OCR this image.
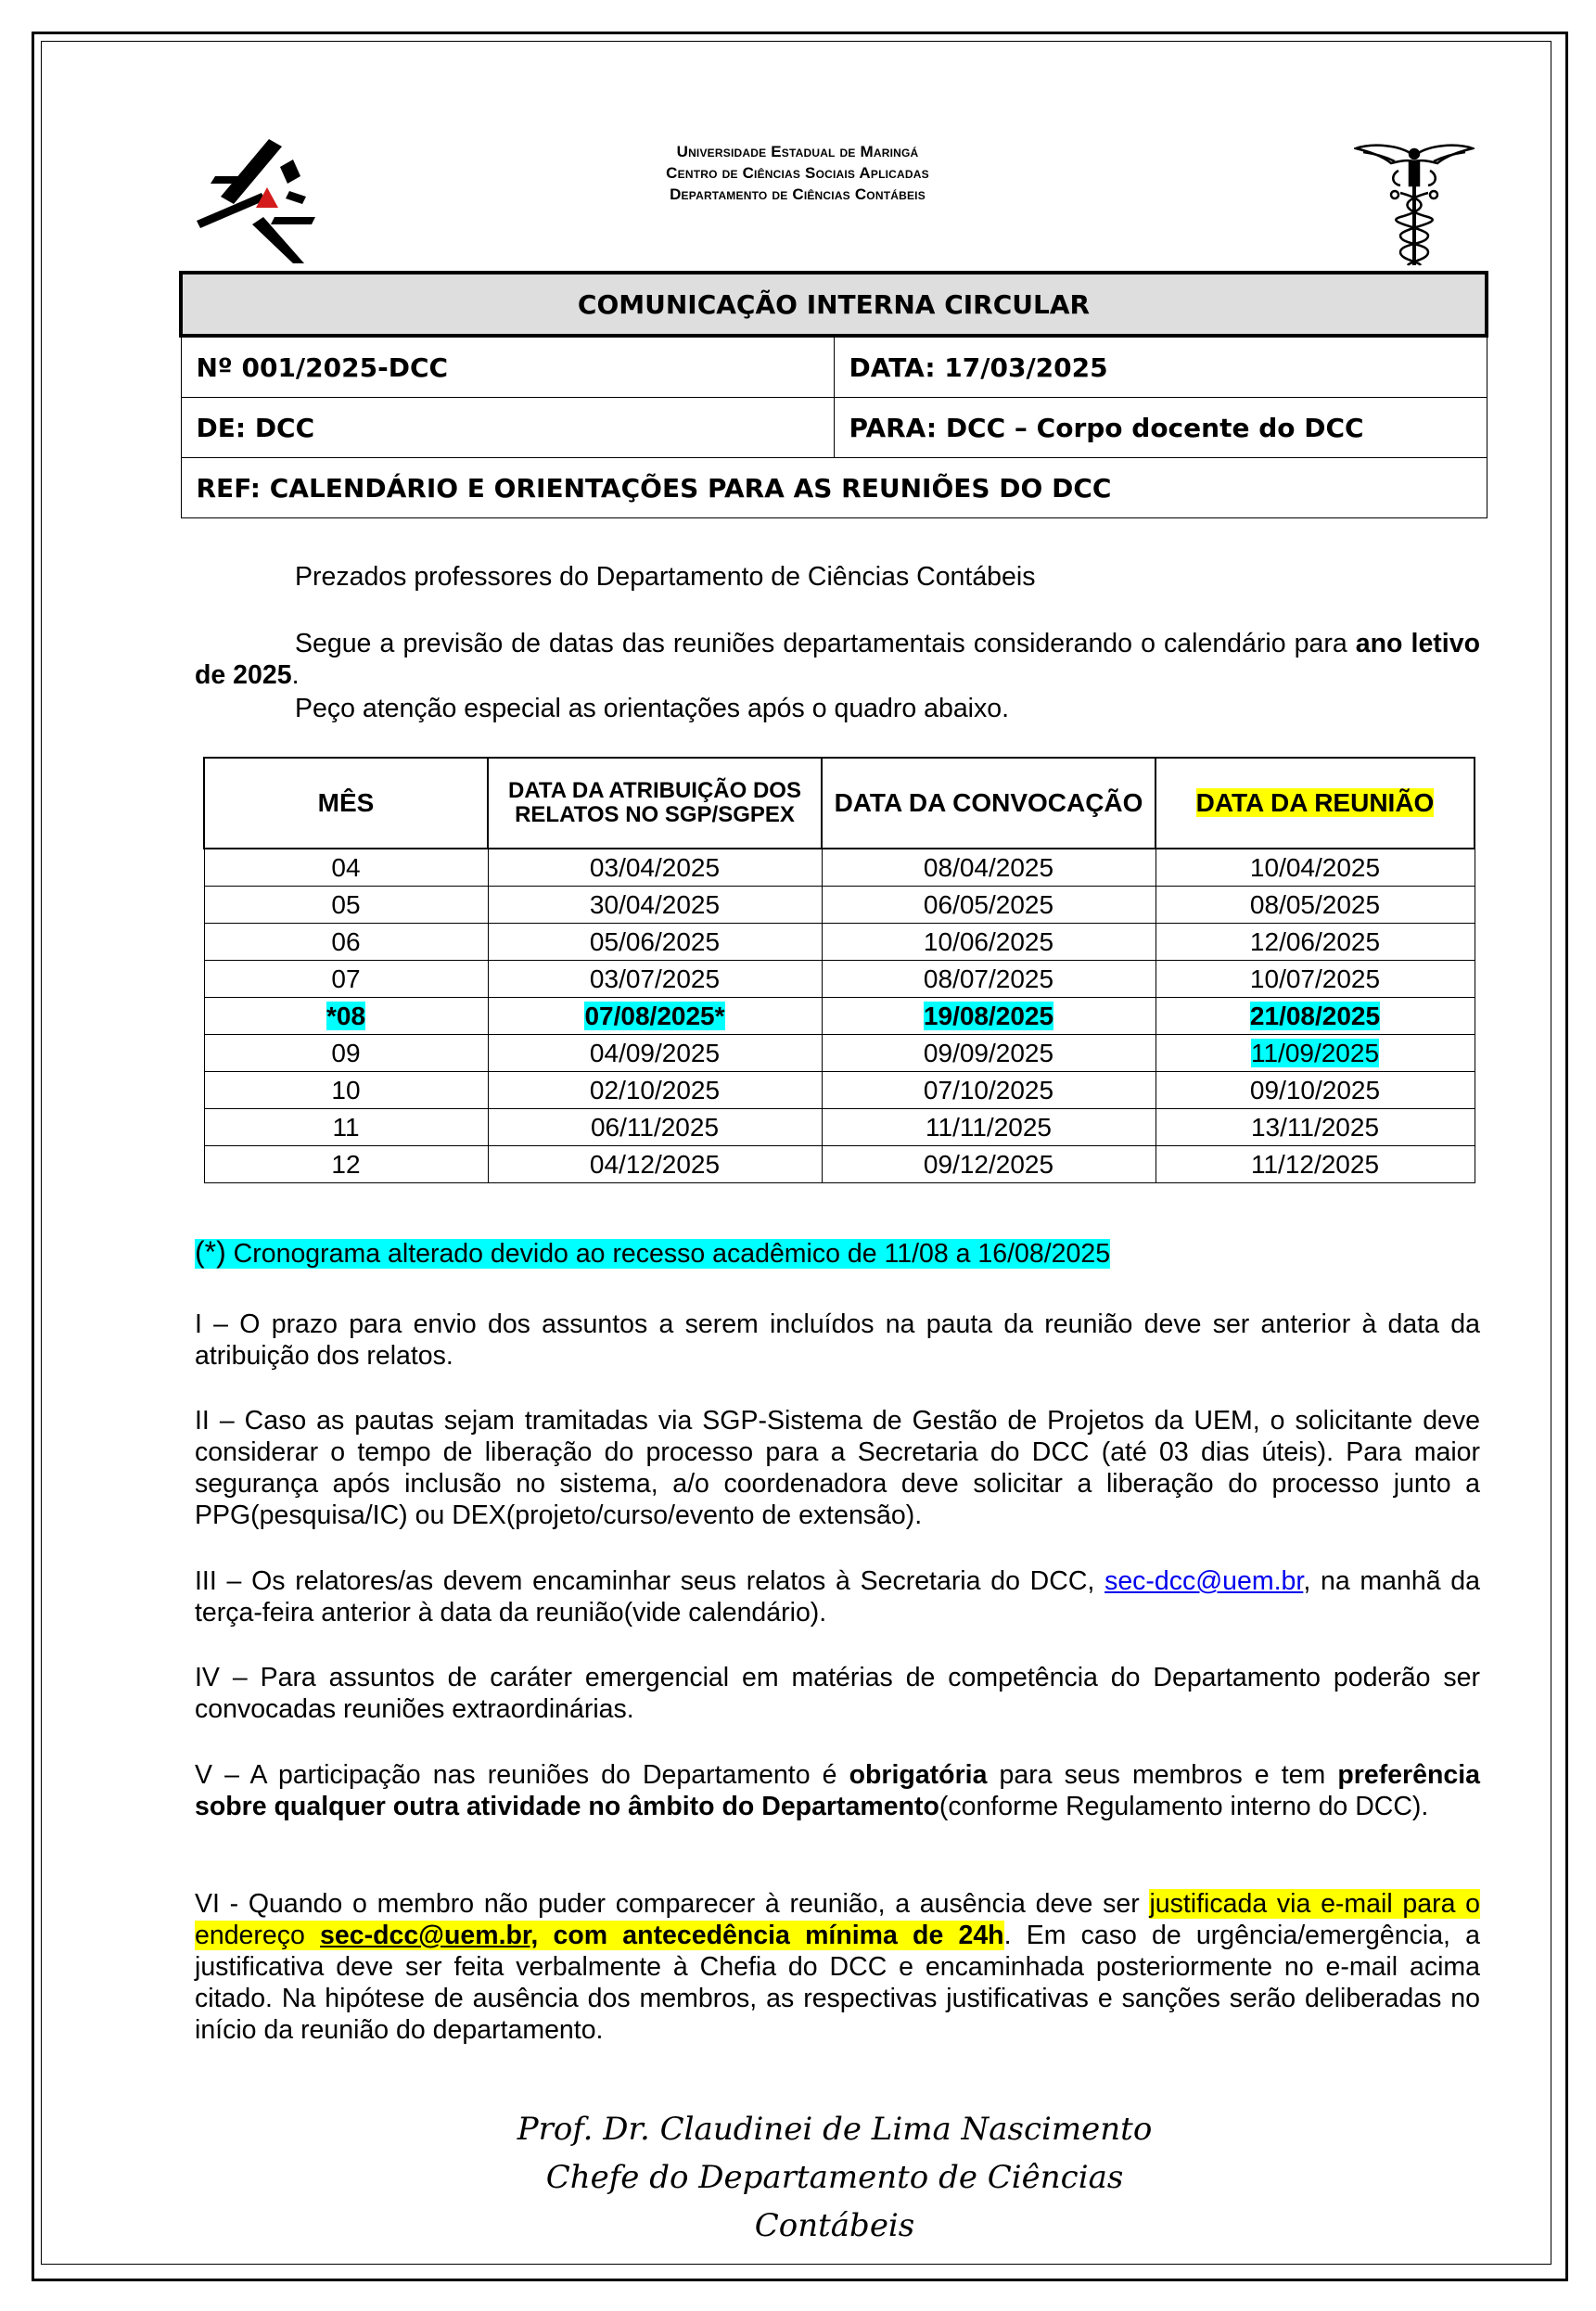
Universidade Estadual de Maringá
Centro de Ciências Sociais Aplicadas
Departamento de Ciências Contábeis
COMUNICAÇÃO INTERNA CIRCULAR	
Nº 001/2025-DCC	DATA: 17/03/2025
DE: DCC	PARA: DCC – Corpo docente do DCC
REF: CALENDÁRIO E ORIENTAÇÕES PARA AS REUNIÕES DO DCC	
Prezados professores do Departamento de Ciências Contábeis
Segue a previsão de datas das reuniões departamentais considerando o calendário para ano letivo de 2025.
Peço atenção especial as orientações após o quadro abaixo.
MÊS	DATA DA ATRIBUIÇÃO DOS RELATOS NO SGP/SGPEX	DATA DA CONVOCAÇÃO	DATA DA REUNIÃO
04	03/04/2025	08/04/2025	10/04/2025
05	30/04/2025	06/05/2025	08/05/2025
06	05/06/2025	10/06/2025	12/06/2025
07	03/07/2025	08/07/2025	10/07/2025
*08	07/08/2025*	19/08/2025	21/08/2025
09	04/09/2025	09/09/2025	11/09/2025
10	02/10/2025	07/10/2025	09/10/2025
11	06/11/2025	11/11/2025	13/11/2025
12	04/12/2025	09/12/2025	11/12/2025
(*) Cronograma alterado devido ao recesso acadêmico de 11/08 a 16/08/2025
I – O prazo para envio dos assuntos a serem incluídos na pauta da reunião deve ser anterior à data da atribuição dos relatos.
II – Caso as pautas sejam tramitadas via SGP-Sistema de Gestão de Projetos da UEM, o solicitante deve considerar o tempo de liberação do processo para a Secretaria do DCC (até 03 dias úteis). Para maior segurança após inclusão no sistema, a/o coordenadora deve solicitar a liberação do processo junto a PPG(pesquisa/IC) ou DEX(projeto/curso/evento de extensão).
III – Os relatores/as devem encaminhar seus relatos à Secretaria do DCC, sec-dcc@uem.br, na manhã da terça-feira anterior à data da reunião(vide calendário).
IV – Para assuntos de caráter emergencial em matérias de competência do Departamento poderão ser convocadas reuniões extraordinárias.
V – A participação nas reuniões do Departamento é obrigatória para seus membros e tem preferência sobre qualquer outra atividade no âmbito do Departamento(conforme Regulamento interno do DCC).
VI - Quando o membro não puder comparecer à reunião, a ausência deve ser justificada via e-mail para o endereço sec-dcc@uem.br, com antecedência mínima de 24h. Em caso de urgência/emergência, a justificativa deve ser feita verbalmente à Chefia do DCC e encaminhada posteriormente no e-mail acima citado. Na hipótese de ausência dos membros, as respectivas justificativas e sanções serão deliberadas no início da reunião do departamento.
Prof. Dr. Claudinei de Lima Nascimento
Chefe do Departamento de Ciências Contábeis
